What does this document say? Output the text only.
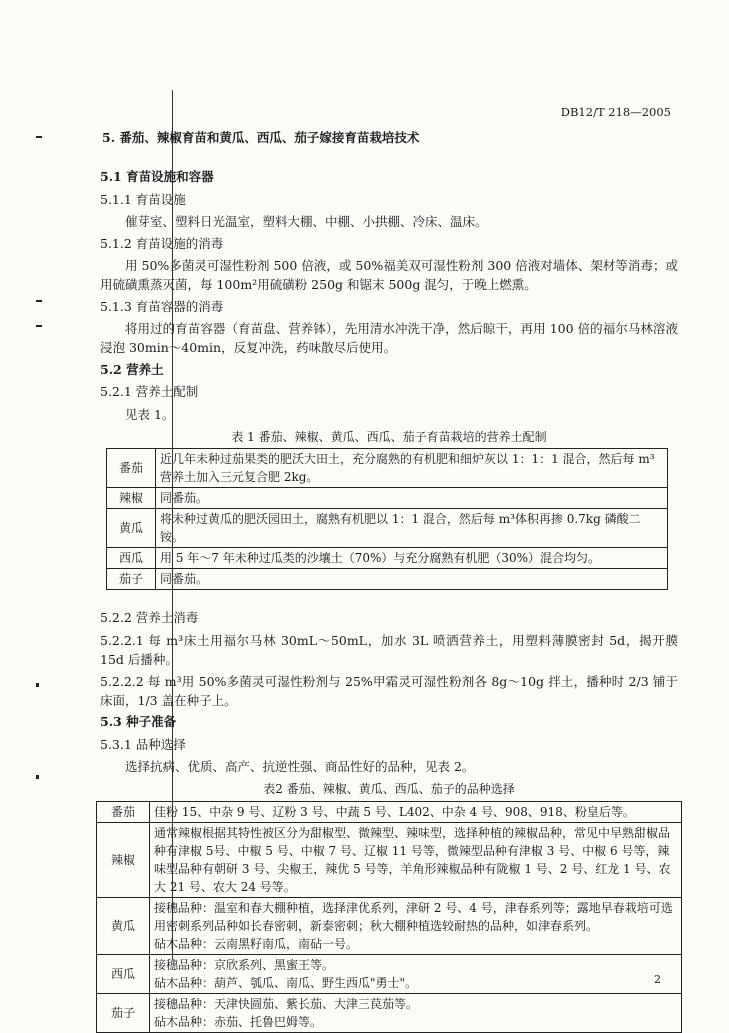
DB12/T 218—2005
5. 番茄、辣椒育苗和黄瓜、西瓜、茄子嫁接育苗栽培技术
5.1 育苗设施和容器
5.1.1 育苗设施
催芽室、塑料日光温室，塑料大棚、中棚、小拱棚、冷床、温床。
5.1.2 育苗设施的消毒
用 50%多菌灵可湿性粉剂 500 倍液，或 50%福美双可湿性粉剂 300 倍液对墙体、架材等消毒；或用硫磺熏蒸灭菌，每 100m²用硫磺粉 250g 和锯末 500g 混匀，于晚上燃熏。
5.1.3 育苗容器的消毒
将用过的育苗容器（育苗盘、营养钵），先用清水冲洗干净，然后晾干，再用 100 倍的福尔马林溶液浸泡 30min～40min，反复冲洗，药味散尽后使用。
5.2 营养土
5.2.1 营养土配制
见表 1。
表 1 番茄、辣椒、黄瓜、西瓜、茄子育苗栽培的营养土配制
番茄	近几年未种过茄果类的肥沃大田土，充分腐熟的有机肥和细炉灰以 1：1：1 混合，然后每 m³营养土加入三元复合肥 2kg。
辣椒	同番茄。
黄瓜	将未种过黄瓜的肥沃园田土，腐熟有机肥以 1：1 混合，然后每 m³体积再掺 0.7kg 磷酸二铵。
西瓜	用 5 年～7 年未种过瓜类的沙壤土（70%）与充分腐熟有机肥（30%）混合均匀。
茄子	同番茄。
5.2.2 营养土消毒
5.2.2.1 每 m³床土用福尔马林 30mL～50mL，加水 3L 喷洒营养土，用塑料薄膜密封 5d，揭开膜 15d 后播种。
5.2.2.2 每 m³用 50%多菌灵可湿性粉剂与 25%甲霜灵可湿性粉剂各 8g～10g 拌土，播种时 2/3 铺于床面，1/3 盖在种子上。
5.3 种子准备
5.3.1 品种选择
选择抗病、优质、高产、抗逆性强、商品性好的品种，见表 2。
表2 番茄、辣椒、黄瓜、西瓜、茄子的品种选择
番茄	佳粉 15、中杂 9 号、辽粉 3 号、中蔬 5 号、L402、中杂 4 号、908、918、粉皇后等。

辣椒	通常辣椒根据其特性被区分为甜椒型、微辣型、辣味型，选择种植的辣椒品种，常见中早熟甜椒品种有津椒 5号、中椒 5 号、中椒 7 号、辽椒 11 号等，微辣型品种有津椒 3 号、中椒 6 号等，辣味型品种有朝研 3 号、尖椒王，辣优 5 号等，羊角形辣椒品种有陇椒 1 号、2 号、红龙 1 号、农大 21 号、农大 24 号等。

黄瓜	接穗品种：温室和春大棚种植，选择津优系列，津研 2 号、4 号，津春系列等；露地早春栽培可选用密刺系列品种如长春密刺，新泰密刺；秋大棚种植选较耐热的品种，如津春系列。
砧木品种：云南黑籽南瓜，南砧一号。

西瓜	接穗品种：京欣系列、黑蜜王等。
砧木品种：葫芦、瓠瓜、南瓜、野生西瓜"勇士"。

茄子	接穗品种：天津快圆茄、紫长茄、大津三苠茄等。
砧木品种：赤茄、托鲁巴姆等。
2
